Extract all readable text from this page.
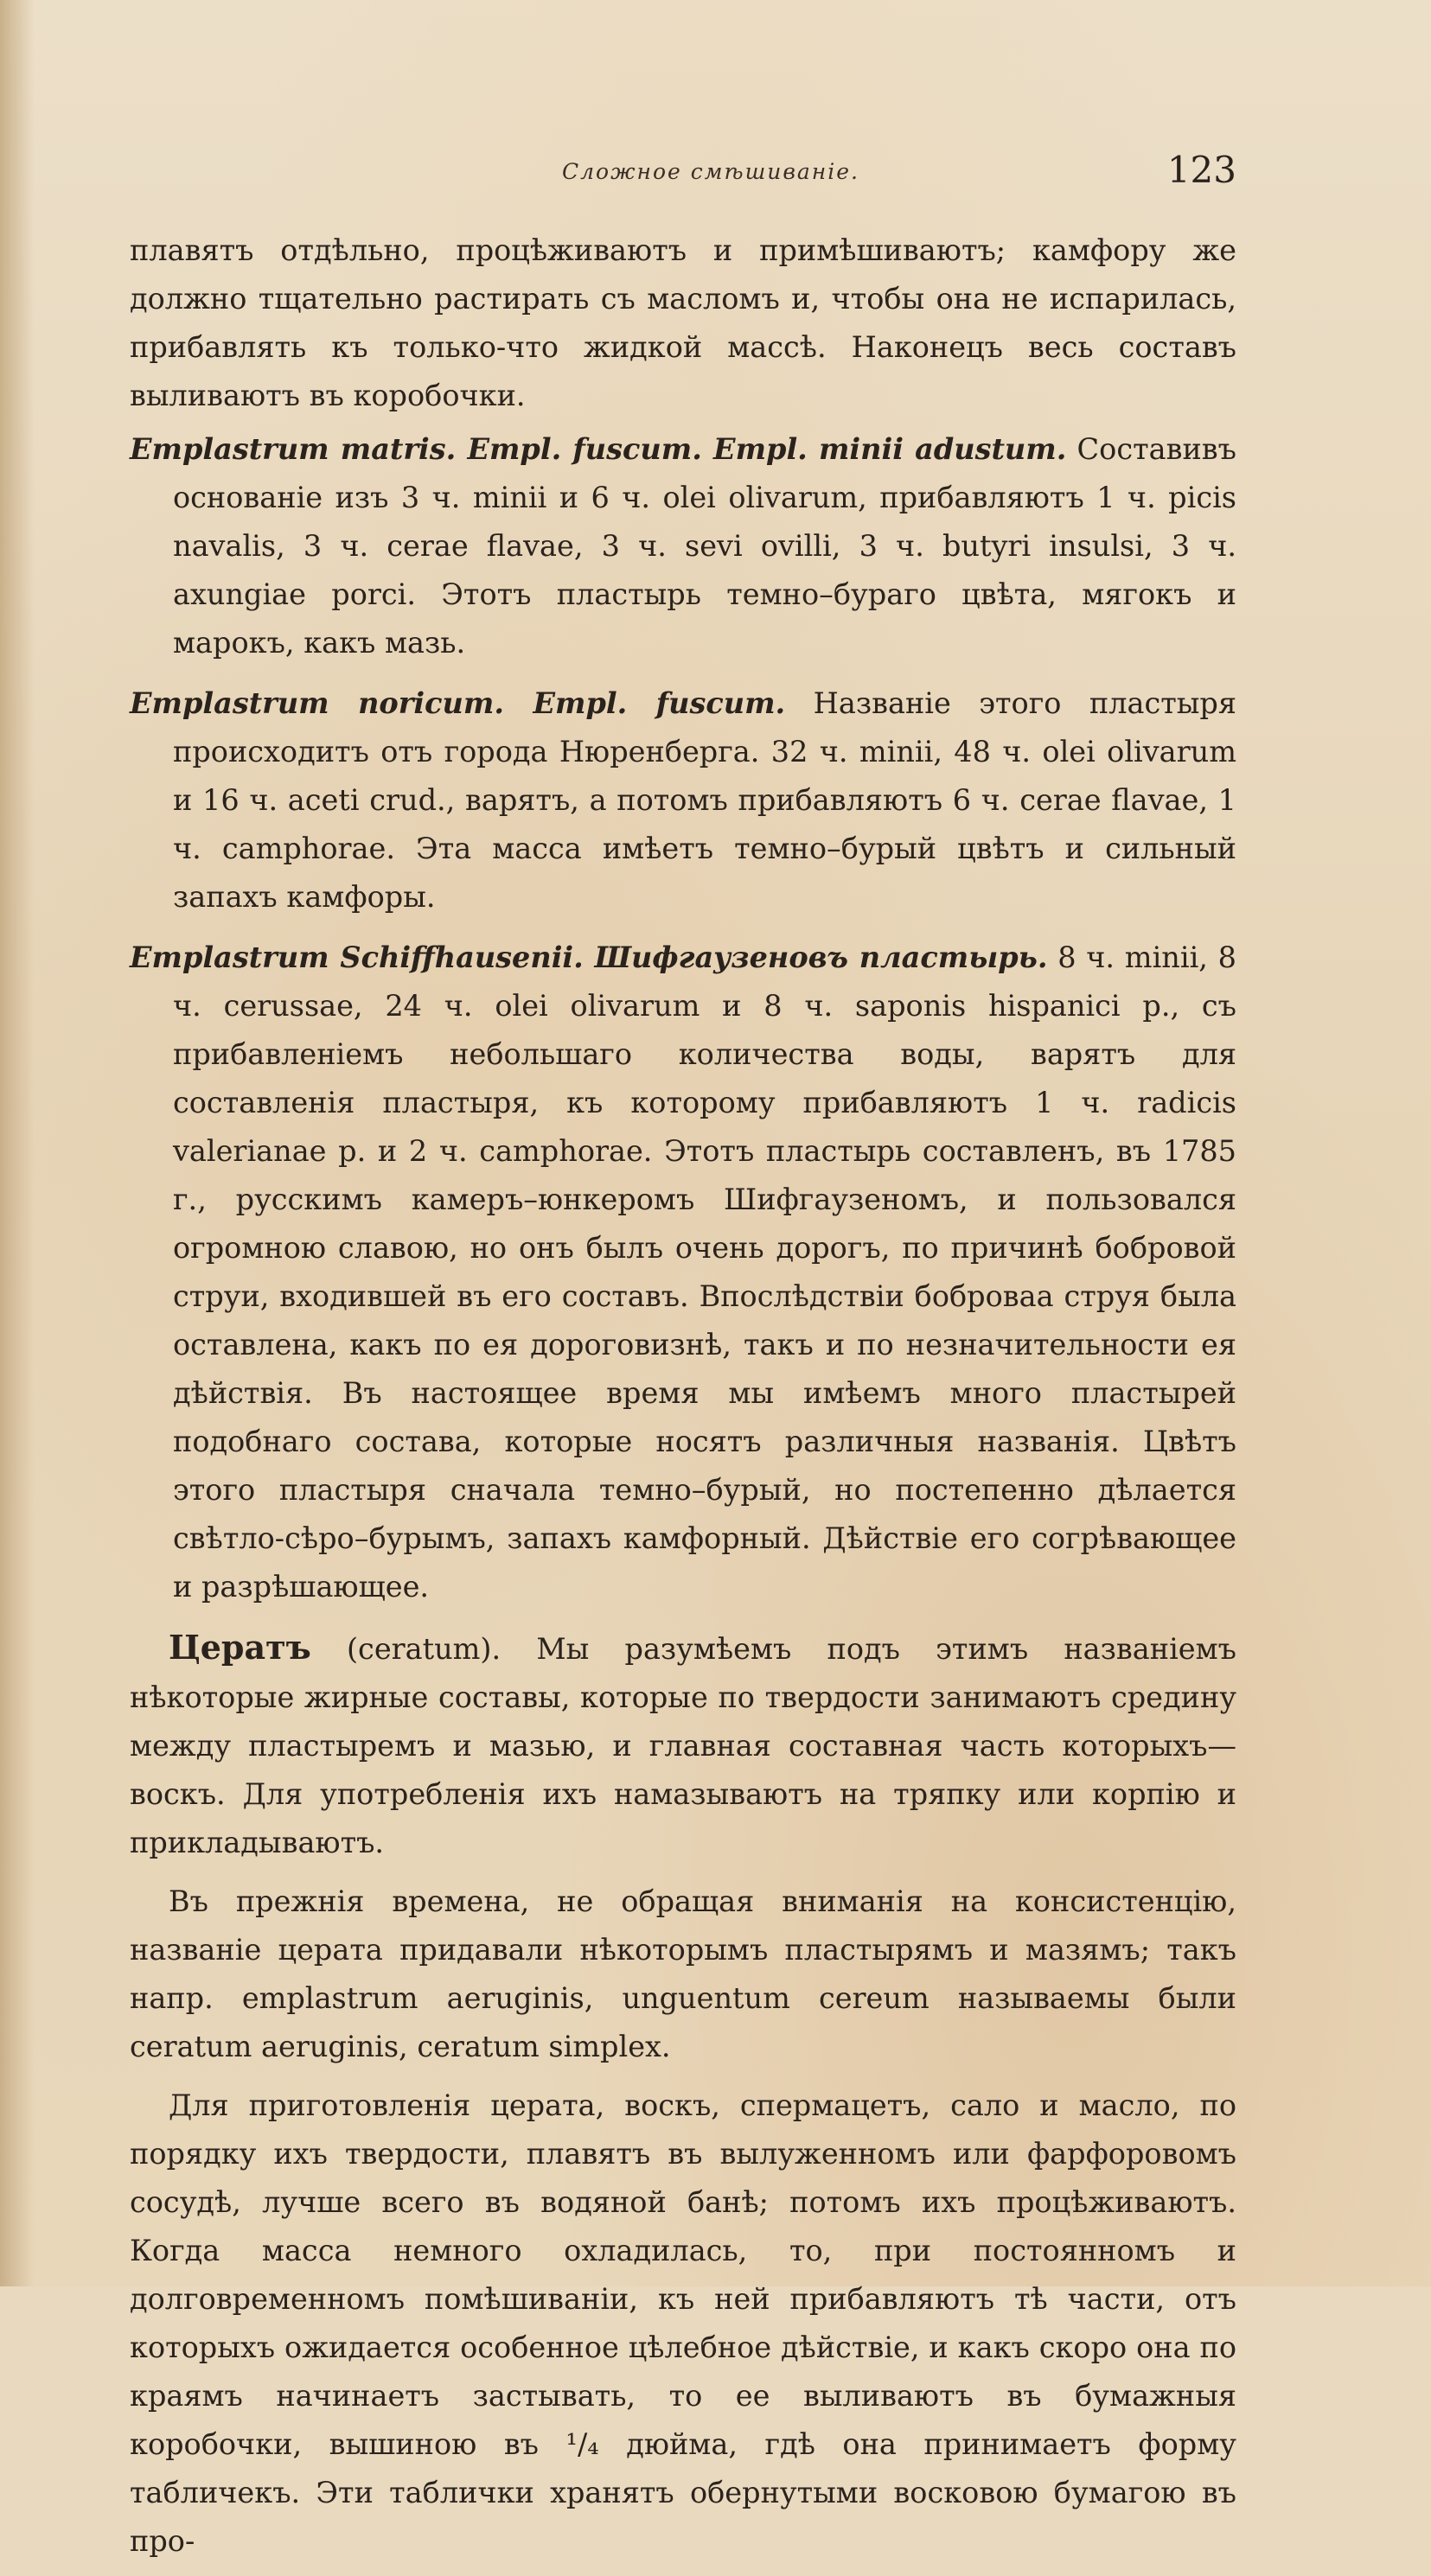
Сложное смѣшиваніе.	123

плавятъ отдѣльно, процѣживаютъ и примѣшиваютъ; камфору же должно тщательно растирать съ масломъ и, чтобы она не испарилась, прибавлять къ только-что жидкой массѣ. Наконецъ весь составъ выливаютъ въ коробочки.

Emplastrum matris. Empl. fuscum. Empl. minii adustum. Составивъ основаніе изъ 3 ч. minii и 6 ч. olei olivarum, прибавляютъ 1 ч. picis navalis, 3 ч. cerae flavae, 3 ч. sevi ovilli, 3 ч. butyri insulsi, 3 ч. axungiae porci. Этотъ пластырь темно–бураго цвѣта, мягокъ и марокъ, какъ мазь.

Emplastrum noricum. Empl. fuscum. Названіе этого пластыря происходитъ отъ города Нюренберга. 32 ч. minii, 48 ч. olei olivarum и 16 ч. aceti crud., варятъ, а потомъ прибавляютъ 6 ч. cerae flavae, 1 ч. camphorae. Эта масса имѣетъ темно–бурый цвѣтъ и сильный запахъ камфоры.

Emplastrum Schiffhausenii. Шифгаузеновъ пластырь. 8 ч. minii, 8 ч. cerussae, 24 ч. olei olivarum и 8 ч. saponis hispanici p., съ прибавленіемъ небольшаго количества воды, варятъ для составленія пластыря, къ которому прибавляютъ 1 ч. radicis valerianae p. и 2 ч. camphorae. Этотъ пластырь составленъ, въ 1785 г., русскимъ камеръ–юнкеромъ Шифгаузеномъ, и пользовался огромною славою, но онъ былъ очень дорогъ, по причинѣ бобровой струи, входившей въ его составъ. Впослѣдствіи боброваа струя была оставлена, какъ по ея дороговизнѣ, такъ и по незначительности ея дѣйствія. Въ настоящее время мы имѣемъ много пластырей подобнаго состава, которые носятъ различныя названія. Цвѣтъ этого пластыря сначала темно–бурый, но постепенно дѣлается свѣтло-сѣро–бурымъ, запахъ камфорный. Дѣйствіе его согрѣвающее и разрѣшающее.

Цератъ (ceratum). Мы разумѣемъ подъ этимъ названіемъ нѣкоторые жирные составы, которые по твердости занимаютъ средину между пластыремъ и мазью, и главная составная часть которыхъ—воскъ. Для употребленія ихъ намазываютъ на тряпку или корпію и прикладываютъ.

Въ прежнія времена, не обращая вниманія на консистенцію, названіе церата придавали нѣкоторымъ пластырямъ и мазямъ; такъ напр. emplastrum aeruginis, unguentum cereum называемы были ceratum aeruginis, ceratum simplex.

Для приготовленія церата, воскъ, спермацетъ, сало и масло, по порядку ихъ твердости, плавятъ въ вылуженномъ или фарфоровомъ сосудѣ, лучше всего въ водяной банѣ; потомъ ихъ процѣживаютъ. Когда масса немного охладилась, то, при постоянномъ и долговременномъ помѣшиваніи, къ ней прибавляютъ тѣ части, отъ которыхъ ожидается особенное цѣлебное дѣйствіе, и какъ скоро она по краямъ начинаетъ застывать, то ее выливаютъ въ бумажныя коробочки, вышиною въ ¹/₄ дюйма, гдѣ она принимаетъ форму табличекъ. Эти таблички хранятъ обернутыми восковою бумагою въ про-
